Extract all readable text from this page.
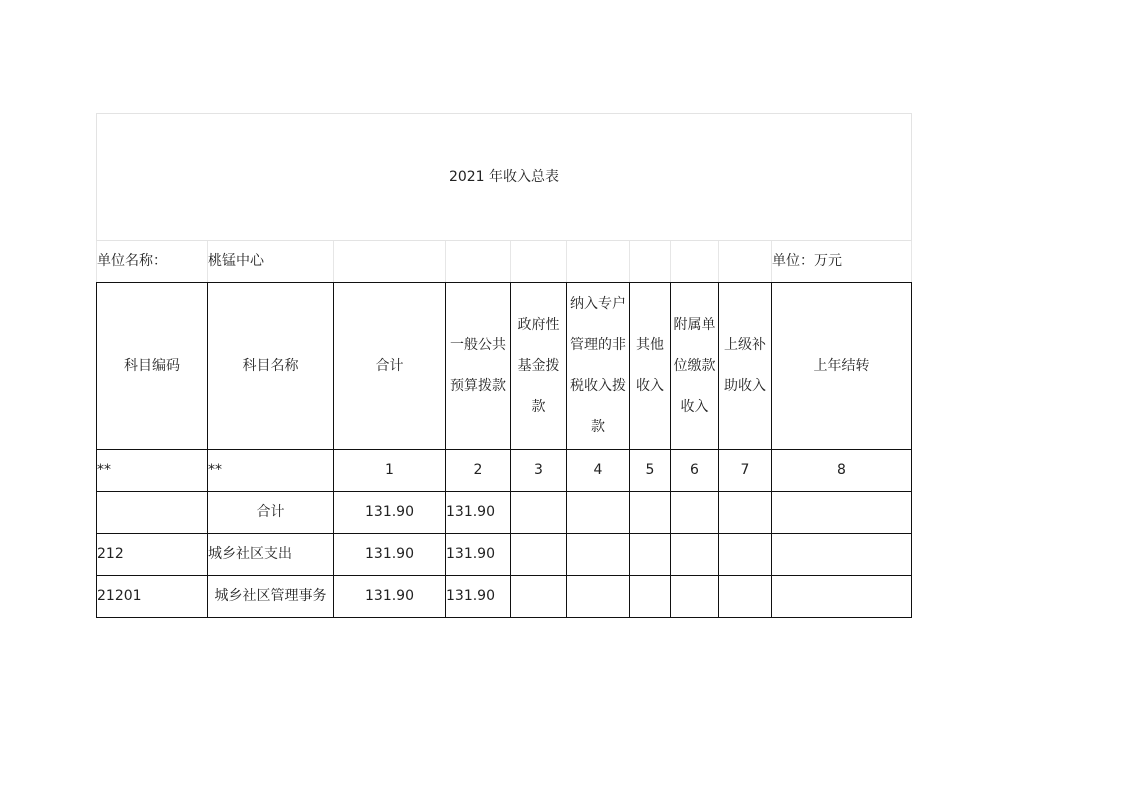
2021 年收入总表									
单位名称：	桃锰中心								单位：万元
科目编码	科目名称	合计	一般公共预算拨款	政府性基金拨款	纳入专户管理的非税收入拨款	其他收入	附属单位缴款收入	上级补助收入	上年结转
**	**	1	2	3	4	5	6	7	8
	合计	131.90	131.90						
212	城乡社区支出	131.90	131.90						
21201	城乡社区管理事务	131.90	131.90						
